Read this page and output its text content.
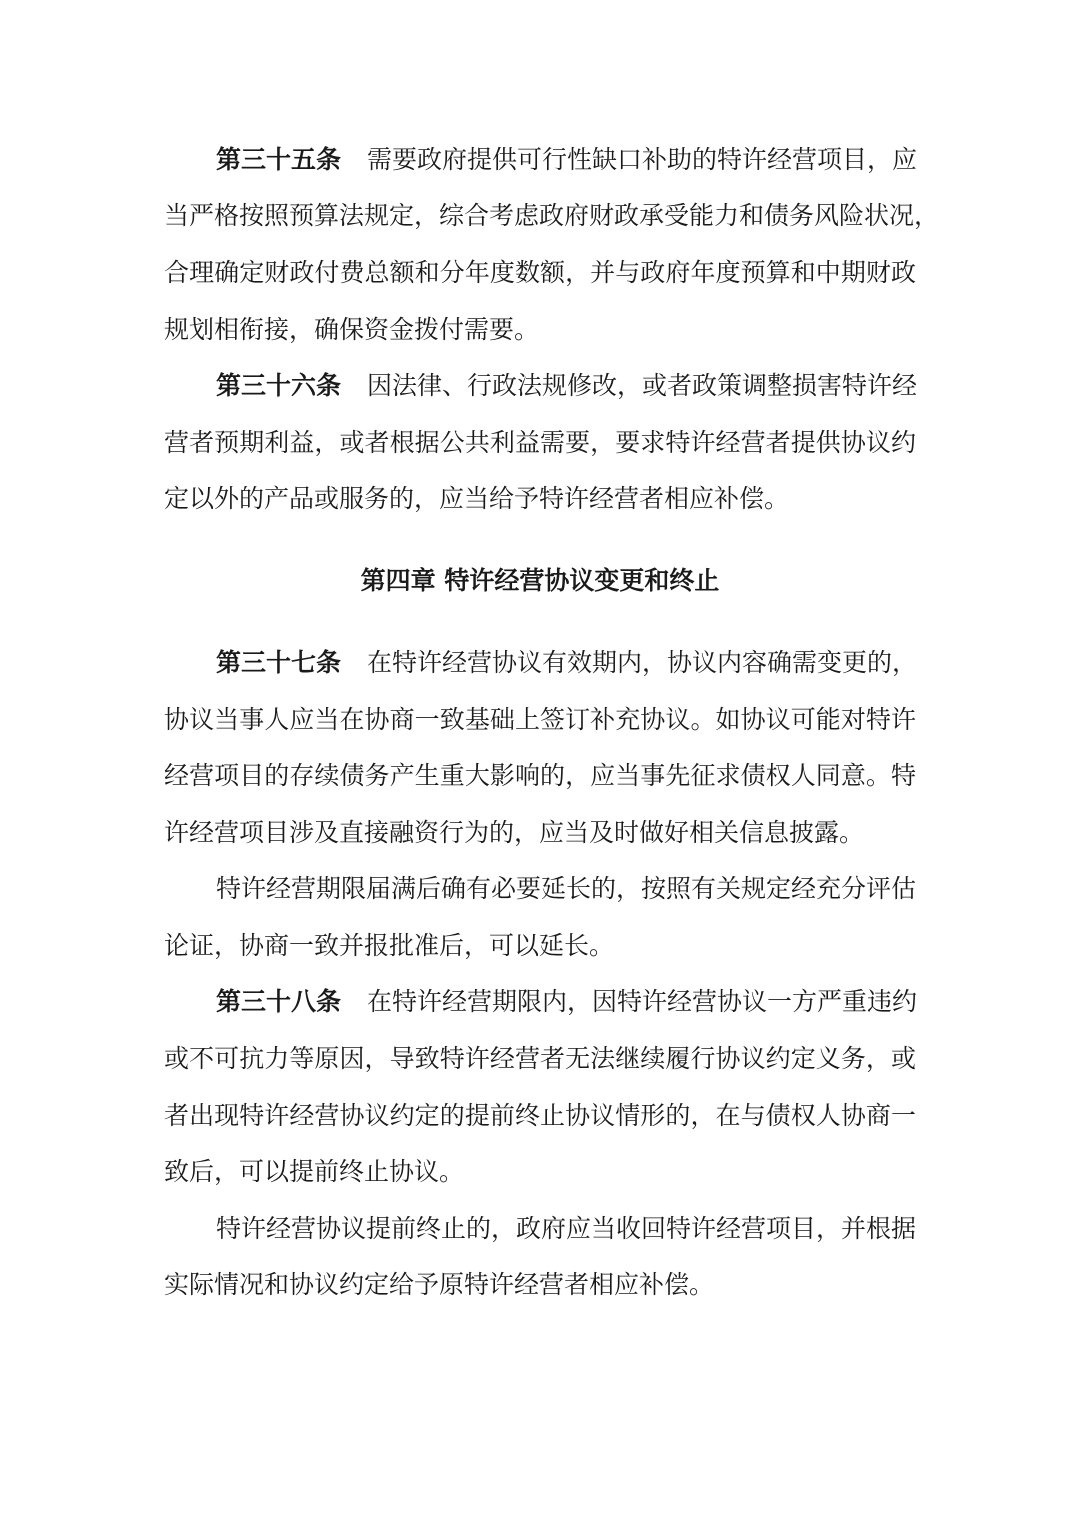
第三十五条 需要政府提供可行性缺口补助的特许经营项目，应
当严格按照预算法规定，综合考虑政府财政承受能力和债务风险状况，
合理确定财政付费总额和分年度数额，并与政府年度预算和中期财政
规划相衔接，确保资金拨付需要。
第三十六条 因法律、行政法规修改，或者政策调整损害特许经
营者预期利益，或者根据公共利益需要，要求特许经营者提供协议约
定以外的产品或服务的，应当给予特许经营者相应补偿。
第四章 特许经营协议变更和终止
第三十七条 在特许经营协议有效期内，协议内容确需变更的，
协议当事人应当在协商一致基础上签订补充协议。如协议可能对特许
经营项目的存续债务产生重大影响的，应当事先征求债权人同意。特
许经营项目涉及直接融资行为的，应当及时做好相关信息披露。
特许经营期限届满后确有必要延长的，按照有关规定经充分评估
论证，协商一致并报批准后，可以延长。
第三十八条 在特许经营期限内，因特许经营协议一方严重违约
或不可抗力等原因，导致特许经营者无法继续履行协议约定义务，或
者出现特许经营协议约定的提前终止协议情形的，在与债权人协商一
致后，可以提前终止协议。
特许经营协议提前终止的，政府应当收回特许经营项目，并根据
实际情况和协议约定给予原特许经营者相应补偿。
